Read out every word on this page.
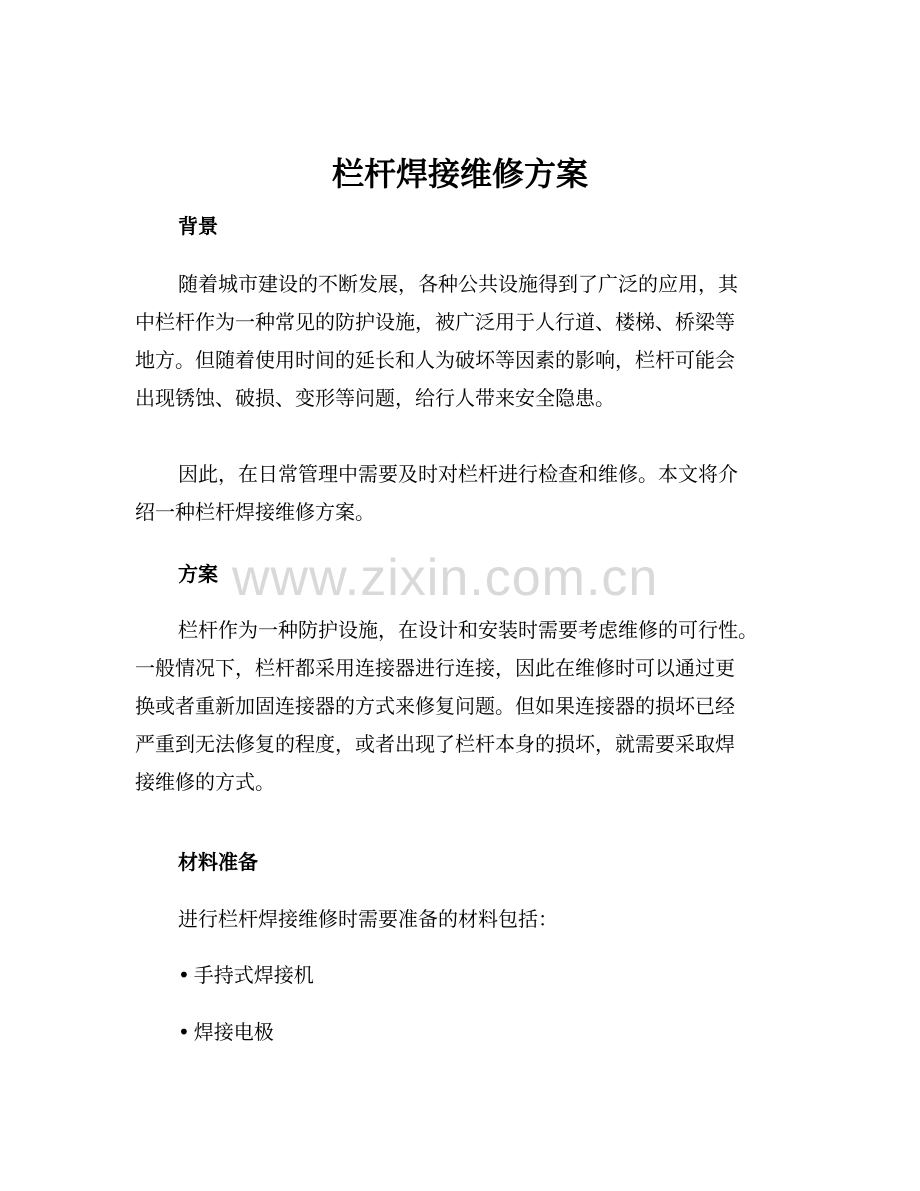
栏杆焊接维修方案
背景
随着城市建设的不断发展，各种公共设施得到了广泛的应用，其
中栏杆作为一种常见的防护设施，被广泛用于人行道、楼梯、桥梁等
地方。但随着使用时间的延长和人为破坏等因素的影响，栏杆可能会
出现锈蚀、破损、变形等问题，给行人带来安全隐患。
因此，在日常管理中需要及时对栏杆进行检查和维修。本文将介
绍一种栏杆焊接维修方案。
方案
栏杆作为一种防护设施，在设计和安装时需要考虑维修的可行性。
一般情况下，栏杆都采用连接器进行连接，因此在维修时可以通过更
换或者重新加固连接器的方式来修复问题。但如果连接器的损坏已经
严重到无法修复的程度，或者出现了栏杆本身的损坏，就需要采取焊
接维修的方式。
材料准备
进行栏杆焊接维修时需要准备的材料包括：
• 手持式焊接机
• 焊接电极
www.zixin.com.cn
